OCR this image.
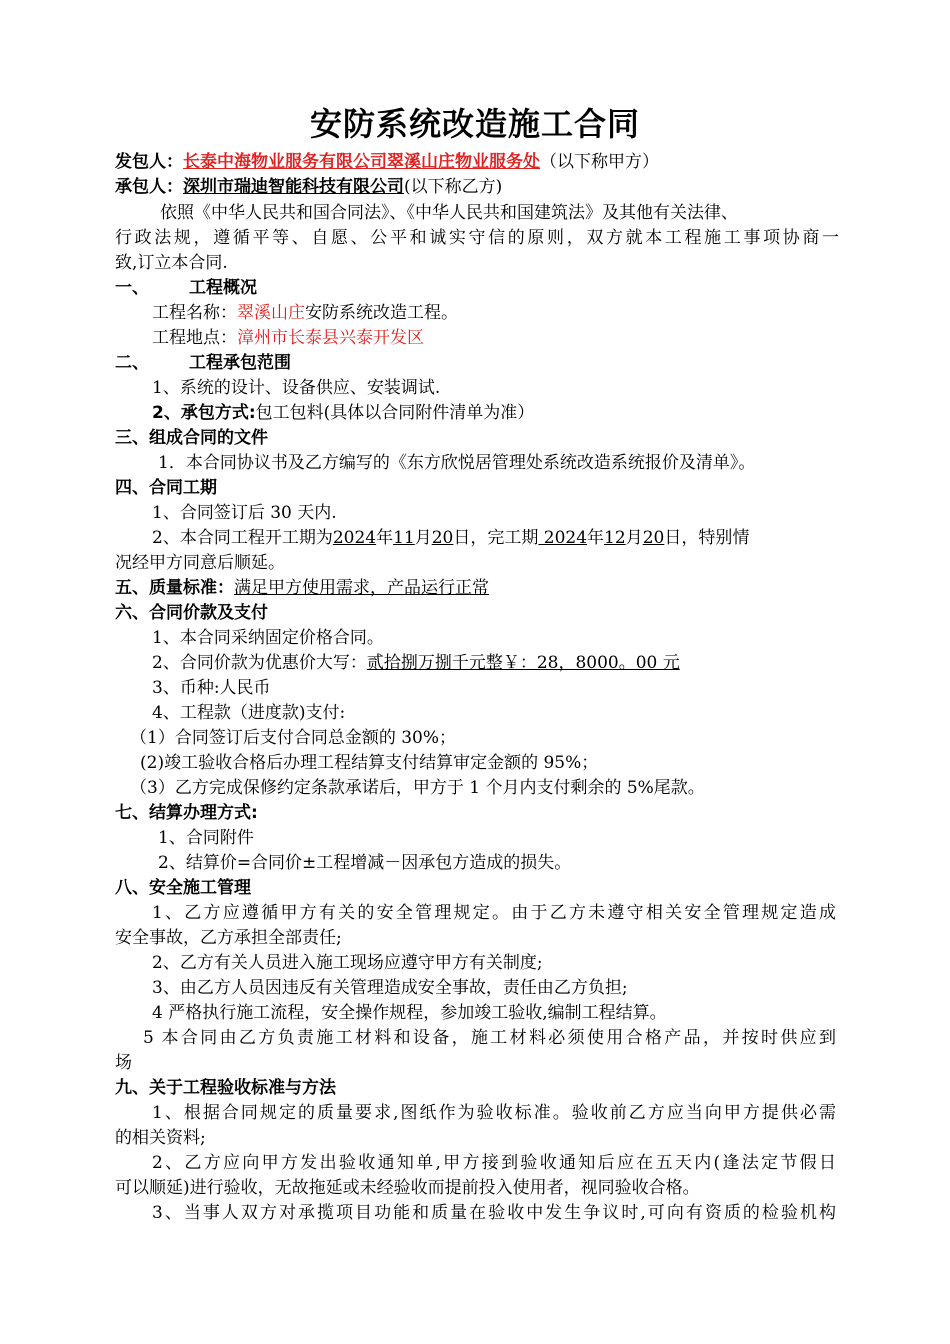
安防系统改造施工合同
发包人：长泰中海物业服务有限公司翠溪山庄物业服务处（以下称甲方）
承包人：深圳市瑞迪智能科技有限公司(以下称乙方)
依照《中华人民共和国合同法》、《中华人民共和国建筑法》及其他有关法律、
行政法规，遵循平等、自愿、公平和诚实守信的原则，双方就本工程施工事项协商一
致,订立本合同.
一、 工程概况
工程名称：翠溪山庄安防系统改造工程。
工程地点：漳州市长泰县兴泰开发区
二、 工程承包范围
1、系统的设计、设备供应、安装调试.
2、承包方式:包工包料(具体以合同附件清单为准）
三、组成合同的文件
1．本合同协议书及乙方编写的《东方欣悦居管理处系统改造系统报价及清单》。
四、合同工期
1、合同签订后 30 天内.
2、本合同工程开工期为2024年11月20日，完工期 2024年12月20日，特别情
况经甲方同意后顺延。
五、质量标准：满足甲方使用需求，产品运行正常
六、合同价款及支付
1、本合同采纳固定价格合同。
2、合同价款为优惠价大写：贰拾捌万捌千元整￥：28，8000。00 元
3、币种:人民币
4、工程款（进度款)支付:
（1）合同签订后支付合同总金额的 30%；
(2)竣工验收合格后办理工程结算支付结算审定金额的 95%；
（3）乙方完成保修约定条款承诺后，甲方于 1 个月内支付剩余的 5%尾款。
七、结算办理方式:
1、合同附件
2、结算价=合同价±工程增减－因承包方造成的损失。
八、安全施工管理
1、乙方应遵循甲方有关的安全管理规定。由于乙方未遵守相关安全管理规定造成
安全事故，乙方承担全部责任;
2、乙方有关人员进入施工现场应遵守甲方有关制度;
3、由乙方人员因违反有关管理造成安全事故，责任由乙方负担;
4 严格执行施工流程，安全操作规程，参加竣工验收,编制工程结算。
5 本合同由乙方负责施工材料和设备，施工材料必须使用合格产品，并按时供应到
场
九、关于工程验收标准与方法
1、根据合同规定的质量要求,图纸作为验收标准。验收前乙方应当向甲方提供必需
的相关资料;
2、乙方应向甲方发出验收通知单,甲方接到验收通知后应在五天内(逢法定节假日
可以顺延)进行验收，无故拖延或未经验收而提前投入使用者，视同验收合格。
3、当事人双方对承揽项目功能和质量在验收中发生争议时,可向有资质的检验机构
